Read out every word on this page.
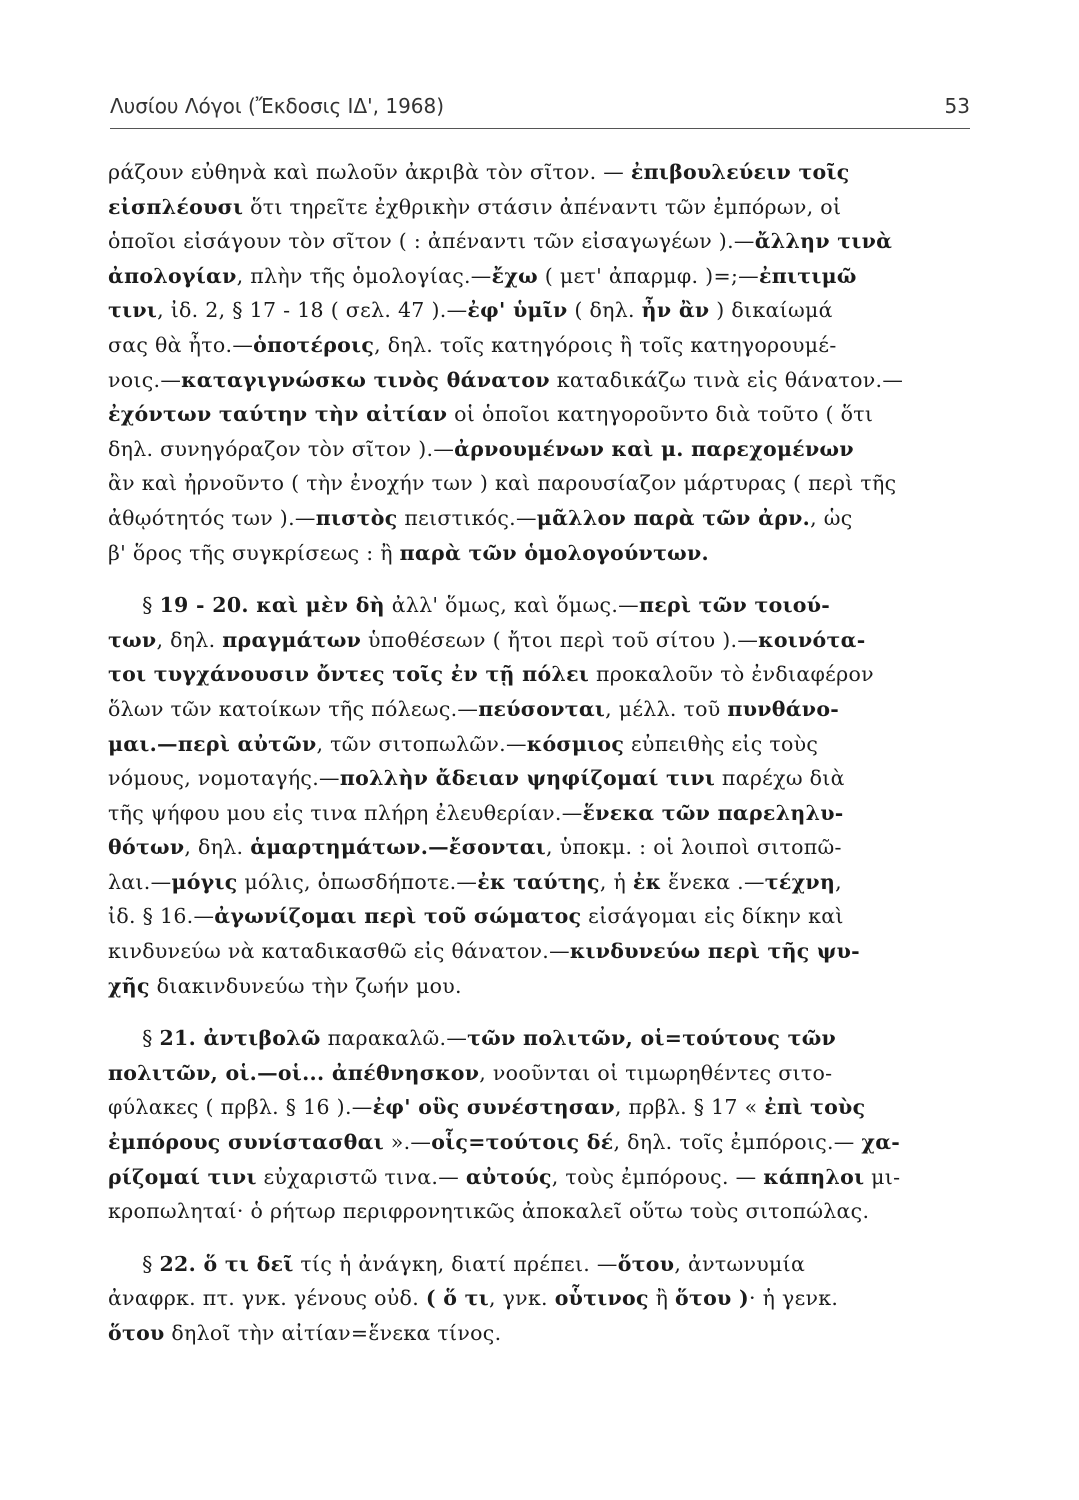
Λυσίου Λόγοι (Ἔκδοσις ΙΔ', 1968)	53
ράζουν εὐθηνὰ καὶ πωλοῦν ἀκριβὰ τὸν σῖτον. — ἐπιβουλεύειν τοῖς
εἰσπλέουσι ὅτι τηρεῖτε ἐχθρικὴν στάσιν ἀπέναντι τῶν ἐμπόρων, οἱ
ὁποῖοι εἰσάγουν τὸν σῖτον ( : ἀπέναντι τῶν εἰσαγωγέων ).—ἄλλην τινὰ
ἀπολογίαν, πλὴν τῆς ὁμολογίας.—ἔχω ( μετ' ἀπαρμφ. )=;—ἐπιτιμῶ
τινι, ἰδ. 2, § 17 - 18 ( σελ. 47 ).—ἐφ' ὑμῖν ( δηλ. ἦν ἂν ) δικαίωμά
σας θὰ ἦτο.—ὁποτέροις, δηλ. τοῖς κατηγόροις ἢ τοῖς κατηγορουμέ-
νοις.—καταγιγνώσκω τινὸς θάνατον καταδικάζω τινὰ εἰς θάνατον.—
ἐχόντων ταύτην τὴν αἰτίαν οἱ ὁποῖοι κατηγοροῦντο διὰ τοῦτο ( ὅτι
δηλ. συνηγόραζον τὸν σῖτον ).—ἀρνουμένων καὶ μ. παρεχομένων
ἂν καὶ ἠρνοῦντο ( τὴν ἐνοχήν των ) καὶ παρουσίαζον μάρτυρας ( περὶ τῆς
ἀθῳότητός των ).—πιστὸς πειστικός.—μᾶλλον παρὰ τῶν ἀρν., ὡς
β' ὅρος τῆς συγκρίσεως : ἢ παρὰ τῶν ὁμολογούντων.
§ 19 - 20. καὶ μὲν δὴ ἀλλ' ὅμως, καὶ ὅμως.—περὶ τῶν τοιού-
των, δηλ. πραγμάτων ὑποθέσεων ( ἤτοι περὶ τοῦ σίτου ).—κοινότα-
τοι τυγχάνουσιν ὄντες τοῖς ἐν τῇ πόλει προκαλοῦν τὸ ἐνδιαφέρον
ὅλων τῶν κατοίκων τῆς πόλεως.—πεύσονται, μέλλ. τοῦ πυνθάνο-
μαι.—περὶ αὐτῶν, τῶν σιτοπωλῶν.—κόσμιος εὐπειθὴς εἰς τοὺς
νόμους, νομοταγής.—πολλὴν ἄδειαν ψηφίζομαί τινι παρέχω διὰ
τῆς ψήφου μου εἰς τινα πλήρη ἐλευθερίαν.—ἕνεκα τῶν παρεληλυ-
θότων, δηλ. ἁμαρτημάτων.—ἔσονται, ὑποκμ. : οἱ λοιποὶ σιτοπῶ-
λαι.—μόγις μόλις, ὁπωσδήποτε.—ἐκ ταύτης, ἡ ἐκ ἕνεκα .—τέχνη,
ἰδ. § 16.—ἀγωνίζομαι περὶ τοῦ σώματος εἰσάγομαι εἰς δίκην καὶ
κινδυνεύω νὰ καταδικασθῶ εἰς θάνατον.—κινδυνεύω περὶ τῆς ψυ-
χῆς διακινδυνεύω τὴν ζωήν μου.
§ 21. ἀντιβολῶ παρακαλῶ.—τῶν πολιτῶν, οἱ=τούτους τῶν
πολιτῶν, οἱ.—οἱ... ἀπέθνησκον, νοοῦνται οἱ τιμωρηθέντες σιτο-
φύλακες ( πρβλ. § 16 ).—ἐφ' οὓς συνέστησαν, πρβλ. § 17 « ἐπὶ τοὺς
ἐμπόρους συνίστασθαι ».—οἷς=τούτοις δέ, δηλ. τοῖς ἐμπόροις.— χα-
ρίζομαί τινι εὐχαριστῶ τινα.— αὐτούς, τοὺς ἐμπόρους. — κάπηλοι μι-
κροπωληταί· ὁ ρήτωρ περιφρονητικῶς ἀποκαλεῖ οὕτω τοὺς σιτοπώλας.
§ 22. ὅ τι δεῖ τίς ἡ ἀνάγκη, διατί πρέπει. —ὅτου, ἀντωνυμία
ἀναφρκ. πτ. γνκ. γένους οὐδ. ( ὅ τι, γνκ. οὗτινος ἢ ὅτου )· ἡ γενκ.
ὅτου δηλοῖ τὴν αἰτίαν=ἕνεκα τίνος.
